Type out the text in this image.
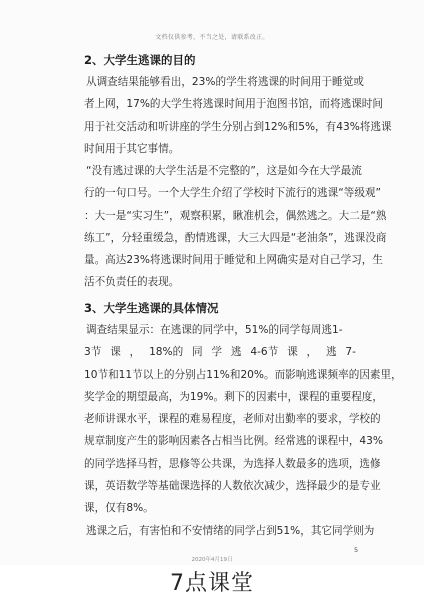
文档仅供参考，不当之处，请联系改正。
2、大学生逃课的目的
从调查结果能够看出，23%的学生将逃课的时间用于睡觉或
者上网，17%的大学生将逃课时间用于泡图书馆，而将逃课时间
用于社交活动和听讲座的学生分别占到12%和5%，有43%将逃课
时间用于其它事情。
“没有逃过课的大学生活是不完整的”，这是如今在大学最流
行的一句口号。一个大学生介绍了学校时下流行的逃课“等级观”
：大一是“实习生”，观察积累，瞅准机会，偶然逃之。大二是“熟
练工”，分轻重缓急，酌情逃课，大三大四是“老油条”，逃课没商
量。高达23%将逃课时间用于睡觉和上网确实是对自己学习，生
活不负责任的表现。
3、大学生逃课的具体情况
调查结果显示：在逃课的同学中，51%的同学每周逃1-
3节 课 ， 18%的 同 学 逃 4-6节 课 ， 逃 7-
10节和11节以上的分别占11%和20%。而影响逃课频率的因素里，
奖学金的期望最高，为19%。剩下的因素中，课程的重要程度，
老师讲课水平，课程的难易程度，老师对出勤率的要求，学校的
规章制度产生的影响因素各占相当比例。经常逃的课程中，43%
的同学选择马哲，思修等公共课，为选择人数最多的选项，选修
课，英语数学等基础课选择的人数依次减少，选择最少的是专业
课，仅有8%。
逃课之后，有害怕和不安情绪的同学占到51%，其它同学则为
5
2020年4月19日
7点课堂
